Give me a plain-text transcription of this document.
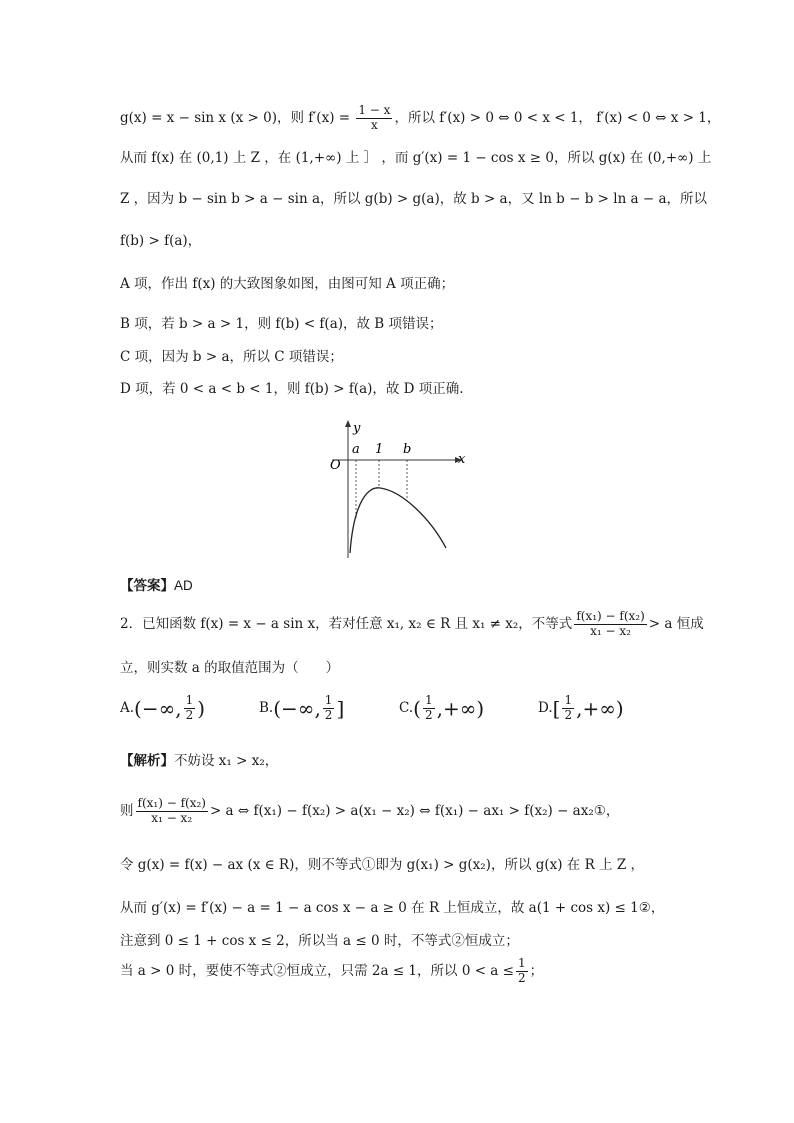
g(x) = x − sin x (x > 0)，则 $f'(x) = \frac{1 - x}{x}$ ，所以 f′(x) > 0 ⇔ 0 < x < 1， f′(x) < 0 ⇔ x > 1，
从而 f(x) 在 (0,1) 上 Z ，在 (1,+∞) 上 ］ ，而 g′(x) = 1 − cos x ≥ 0，所以 g(x) 在 (0,+∞) 上
Z ，因为 b − sin b > a − sin a，所以 g(b) > g(a)，故 b > a，又 ln b − b > ln a − a，所以
f(b) > f(a)，
A 项，作出 f(x) 的大致图象如图，由图可知 A 项正确；
B 项，若 b > a > 1，则 f(b) < f(a)，故 B 项错误；
C 项，因为 b > a，所以 C 项错误；
D 项，若 0 < a < b < 1，则 f(b) > f(a)，故 D 项正确.
y
x
O
a 1 b
【答案】AD
2．已知函数 f(x) = x − a sin x，若对任意 x₁, x₂ ∈ R 且 x₁ ≠ x₂，不等式 $\frac{\text{f(x₁) − f(x₂)}}{\text{x₁ − x₂}} > a$ 恒成
立，则实数 a 的取值范围为（　　）
A.(−∞, $\frac{1}{2}$ )	B.(−∞, $\frac{1}{2}$ ]	$C.( \frac{1}{2}$ ,+∞)	$D.[ \frac{1}{2}$ ,+∞)
【解析】不妨设 x₁ > x₂，
则 $\frac{\text{f(x₁) − f(x₂)}}{\text{x₁ − x₂}} > a$ ⇔ f(x₁) − f(x₂) > a(x₁ − x₂) ⇔ f(x₁) − ax₁ > f(x₂) − ax₂①，
令 g(x) = f(x) − ax (x ∈ R)，则不等式①即为 g(x₁) > g(x₂)，所以 g(x) 在 R 上 Z ，
从而 g′(x) = f′(x) − a = 1 − a cos x − a ≥ 0 在 R 上恒成立，故 a(1 + cos x) ≤ 1②，
注意到 0 ≤ 1 + cos x ≤ 2，所以当 a ≤ 0 时，不等式②恒成立；
当 a > 0 时，要使不等式②恒成立，只需 2a ≤ 1，所以 $0 < a \le \frac{1}{2}$ ；
